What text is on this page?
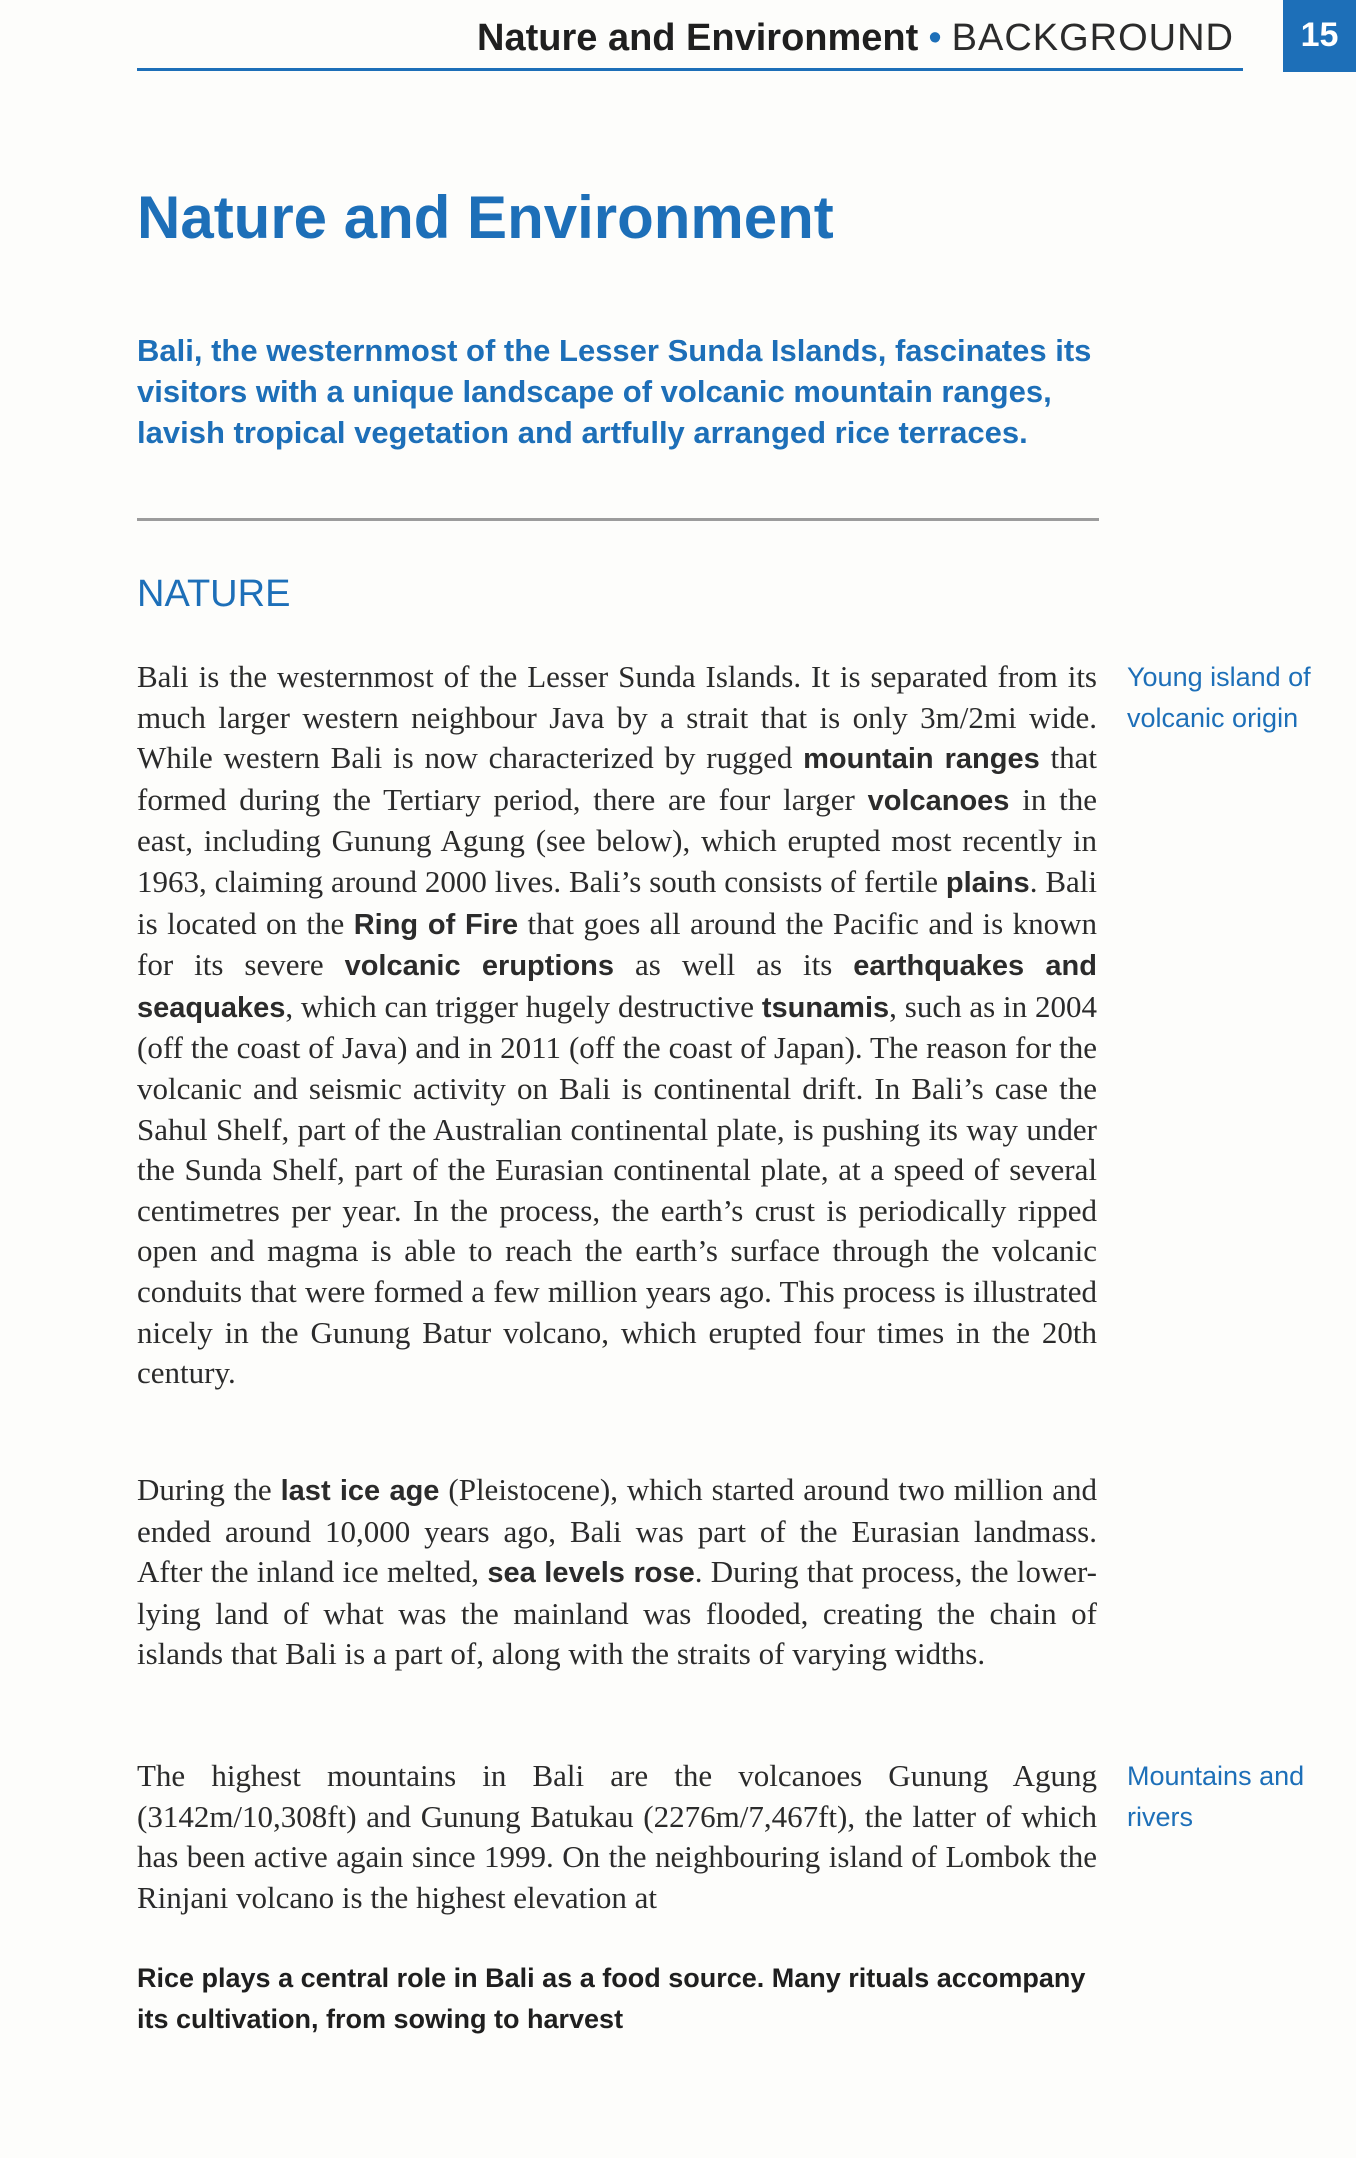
Nature and Environment • BACKGROUND	15
Nature and Environment

Bali, the westernmost of the Lesser Sunda Islands, fascinates its visitors with a unique landscape of volcanic mountain ranges, lavish tropical vegetation and artfully arranged rice terraces.

NATURE

Bali is the westernmost of the Lesser Sunda Islands. It is separated from its much larger western neighbour Java by a strait that is only 3m/2mi wide. While western Bali is now characterized by rugged mountain ranges that formed during the Tertiary period, there are four larger volcanoes in the east, including Gunung Agung (see below), which erupted most recently in 1963, claiming around 2000 lives. Bali’s south consists of fertile plains. Bali is located on the Ring of Fire that goes all around the Pacific and is known for its severe volcanic eruptions as well as its earthquakes and seaquakes, which can trigger hugely destructive tsunamis, such as in 2004 (off the coast of Java) and in 2011 (off the coast of Japan). The reason for the volcanic and seismic activity on Bali is continental drift. In Bali’s case the Sahul Shelf, part of the Australian continental plate, is pushing its way under the Sunda Shelf, part of the Eurasian continental plate, at a speed of several centimetres per year. In the process, the earth’s crust is periodically ripped open and magma is able to reach the earth’s surface through the volcanic conduits that were formed a few million years ago. This process is illustrated nicely in the Gunung Batur volcano, which erupted four times in the 20th century.

Young island of volcanic origin

During the last ice age (Pleistocene), which started around two million and ended around 10,000 years ago, Bali was part of the Eurasian landmass. After the inland ice melted, sea levels rose. During that process, the lower-lying land of what was the mainland was flooded, creating the chain of islands that Bali is a part of, along with the straits of varying widths.

The highest mountains in Bali are the volcanoes Gunung Agung (3142m/10,308ft) and Gunung Batukau (2276m/7,467ft), the latter of which has been active again since 1999. On the neighbouring island of Lombok the Rinjani volcano is the highest elevation at

Mountains and rivers

Rice plays a central role in Bali as a food source. Many rituals accompany its cultivation, from sowing to harvest
